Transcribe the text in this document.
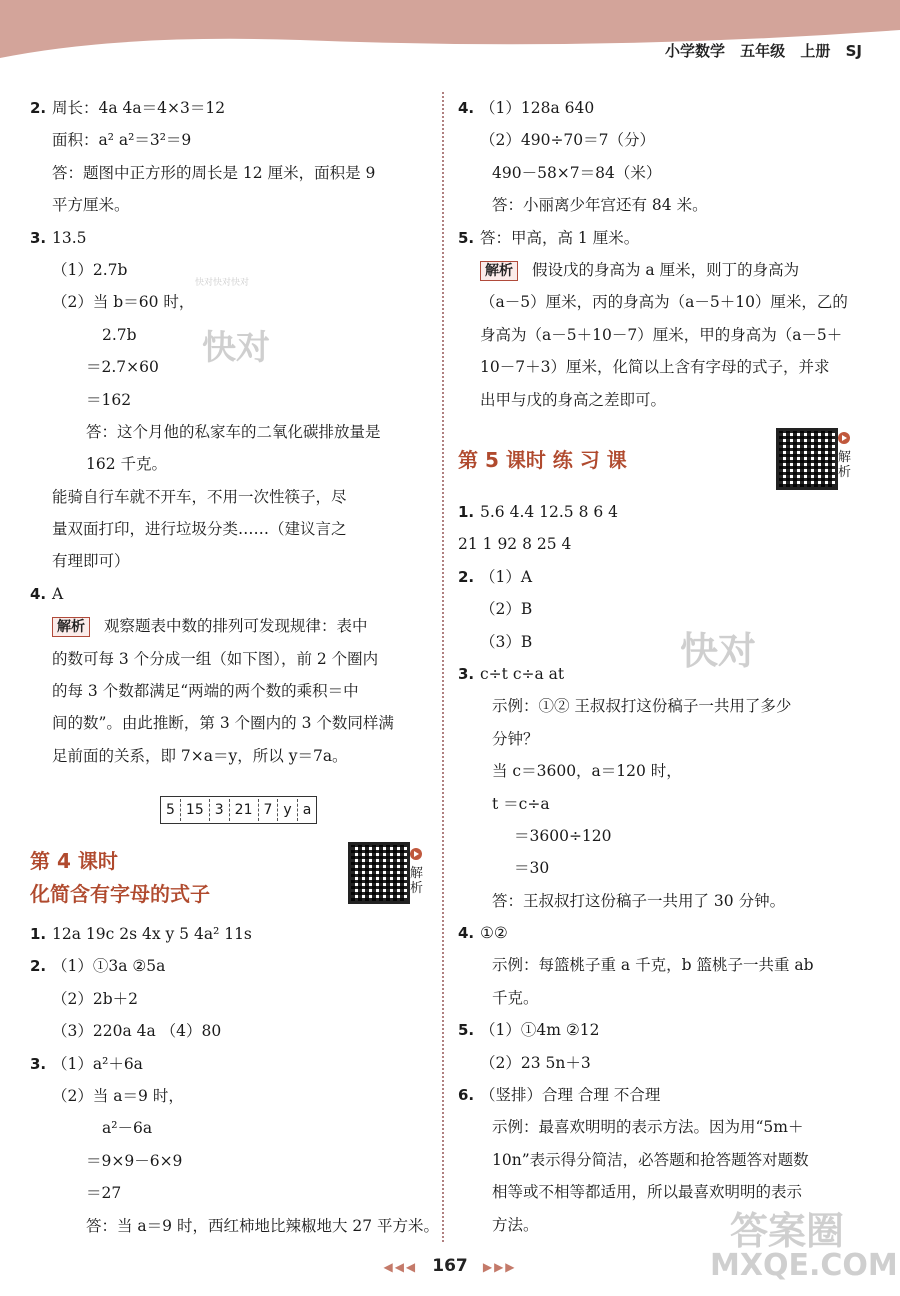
小学数学 五年级 上册 SJ
2. 周长：4a 4a＝4×3＝12
面积：a² a²＝3²＝9
答：题图中正方形的周长是 12 厘米，面积是 9
平方厘米。
3. 13.5
（1）2.7b
（2）当 b＝60 时，
2.7b
＝2.7×60
＝162
答：这个月他的私家车的二氧化碳排放量是
162 千克。
能骑自行车就不开车，不用一次性筷子，尽
量双面打印，进行垃圾分类……（建议言之
有理即可）
4. A
解析 观察题表中数的排列可发现规律：表中
的数可每 3 个分成一组（如下图），前 2 个圈内
的每 3 个数都满足“两端的两个数的乘积＝中
间的数”。由此推断，第 3 个圈内的 3 个数同样满
足前面的关系，即 7×a＝y，所以 y＝7a。
5 15 3 21 7 y a
第 4 课时
化简含有字母的式子
解析
1. 12a 19c 2s 4x y 5 4a² 11s
2. （1）①3a ②5a
（2）2b＋2
（3）220a 4a （4）80
3. （1）a²＋6a
（2）当 a＝9 时，
a²－6a
＝9×9－6×9
＝27
答：当 a＝9 时，西红柿地比辣椒地大 27 平方米。
4. （1）128a 640
（2）490÷70＝7（分）
490－58×7＝84（米）
答：小丽离少年宫还有 84 米。
5. 答：甲高，高 1 厘米。
解析 假设戊的身高为 a 厘米，则丁的身高为
（a－5）厘米，丙的身高为（a－5＋10）厘米，乙的
身高为（a－5＋10－7）厘米，甲的身高为（a－5＋
10－7＋3）厘米，化简以上含有字母的式子，并求
出甲与戊的身高之差即可。
第 5 课时 练 习 课	解析
1. 5.6 4.4 12.5 8 6 4
21 1 92 8 25 4
2. （1）A
（2）B
（3）B
3. c÷t c÷a at
示例：①② 王叔叔打这份稿子一共用了多少
分钟？
当 c＝3600，a＝120 时，
t ＝c÷a
＝3600÷120
＝30
答：王叔叔打这份稿子一共用了 30 分钟。
4. ①②
示例：每篮桃子重 a 千克，b 篮桃子一共重 ab
千克。
5. （1）①4m ②12
（2）23 5n＋3
6. （竖排）合理 合理 不合理
示例：最喜欢明明的表示方法。因为用“5m＋
10n”表示得分简洁，必答题和抢答题答对题数
相等或不相等都适用，所以最喜欢明明的表示
方法。
快对快对快对
快对
快对
答案圈
MXQE.COM
◀◀◀ 167 ▶▶▶
